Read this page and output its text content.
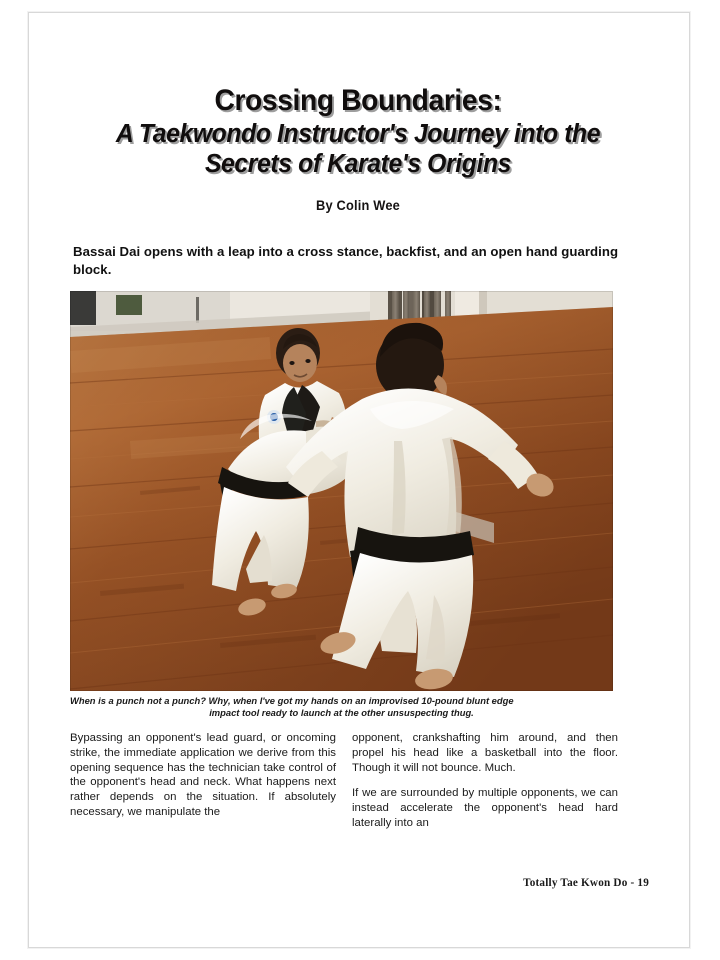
Crossing Boundaries:
A Taekwondo Instructor's Journey into the
Secrets of Karate's Origins
By Colin Wee
Bassai Dai opens with a leap into a cross stance, backfist, and an open hand guarding block.
When is a punch not a punch? Why, when I've got my hands on an improvised 10-pound blunt edge
impact tool ready to launch at the other unsuspecting thug.

Bypassing an opponent's lead guard, or oncoming strike, the immediate application we derive from this opening sequence has the technician take control of the opponent's head and neck. What happens next rather depends on the situation. If absolutely necessary, we manipulate the

opponent, crankshafting him around, and then propel his head like a basketball into the floor. Though it will not bounce. Much.

If we are surrounded by multiple opponents, we can instead accelerate the opponent's head hard laterally into an

Totally Tae Kwon Do - 19
